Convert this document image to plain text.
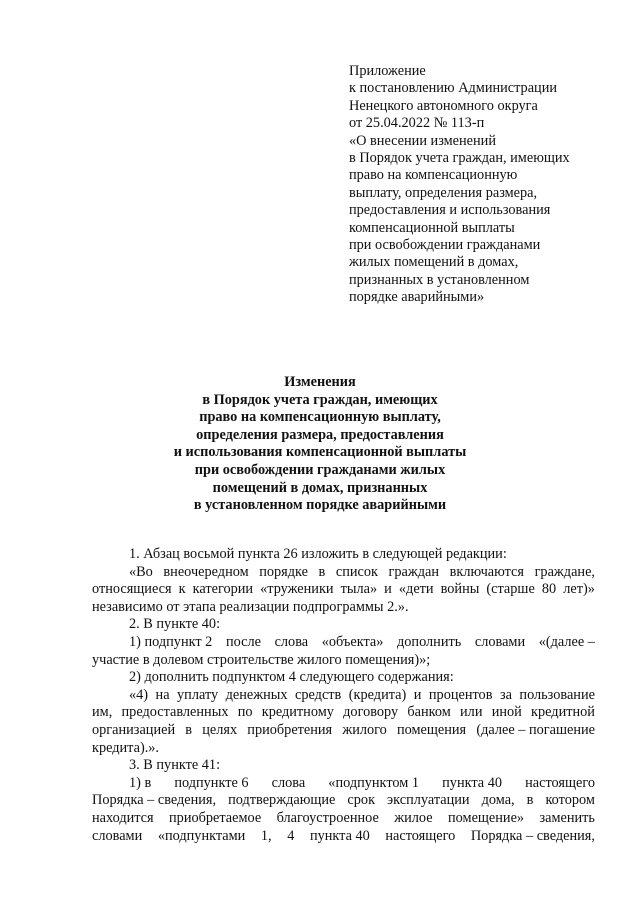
Приложение
к постановлению Администрации
Ненецкого автономного округа
от 25.04.2022 № 113-п
«О внесении изменений
в Порядок учета граждан, имеющих
право на компенсационную
выплату, определения размера,
предоставления и использования
компенсационной выплаты
при освобождении гражданами
жилых помещений в домах,
признанных в установленном
порядке аварийными»
Изменения
в Порядок учета граждан, имеющих
право на компенсационную выплату,
определения размера, предоставления
и использования компенсационной выплаты
при освобождении гражданами жилых
помещений в домах, признанных
в установленном порядке аварийными
1. Абзац восьмой пункта 26 изложить в следующей редакции:
«Во внеочередном порядке в список граждан включаются граждане,
относящиеся к категории «труженики тыла» и «дети войны (старше 80 лет)»
независимо от этапа реализации подпрограммы 2.».
2. В пункте 40:
1) подпункт 2 после слова «объекта» дополнить словами «(далее –
участие в долевом строительстве жилого помещения)»;
2) дополнить подпунктом 4 следующего содержания:
«4) на уплату денежных средств (кредита) и процентов за пользование
им, предоставленных по кредитному договору банком или иной кредитной
организацией в целях приобретения жилого помещения (далее – погашение
кредита).».
3. В пункте 41:
1) в подпункте 6 слова «подпунктом 1 пункта 40 настоящего
Порядка – сведения, подтверждающие срок эксплуатации дома, в котором
находится приобретаемое благоустроенное жилое помещение» заменить
словами «подпунктами 1, 4 пункта 40 настоящего Порядка – сведения,
